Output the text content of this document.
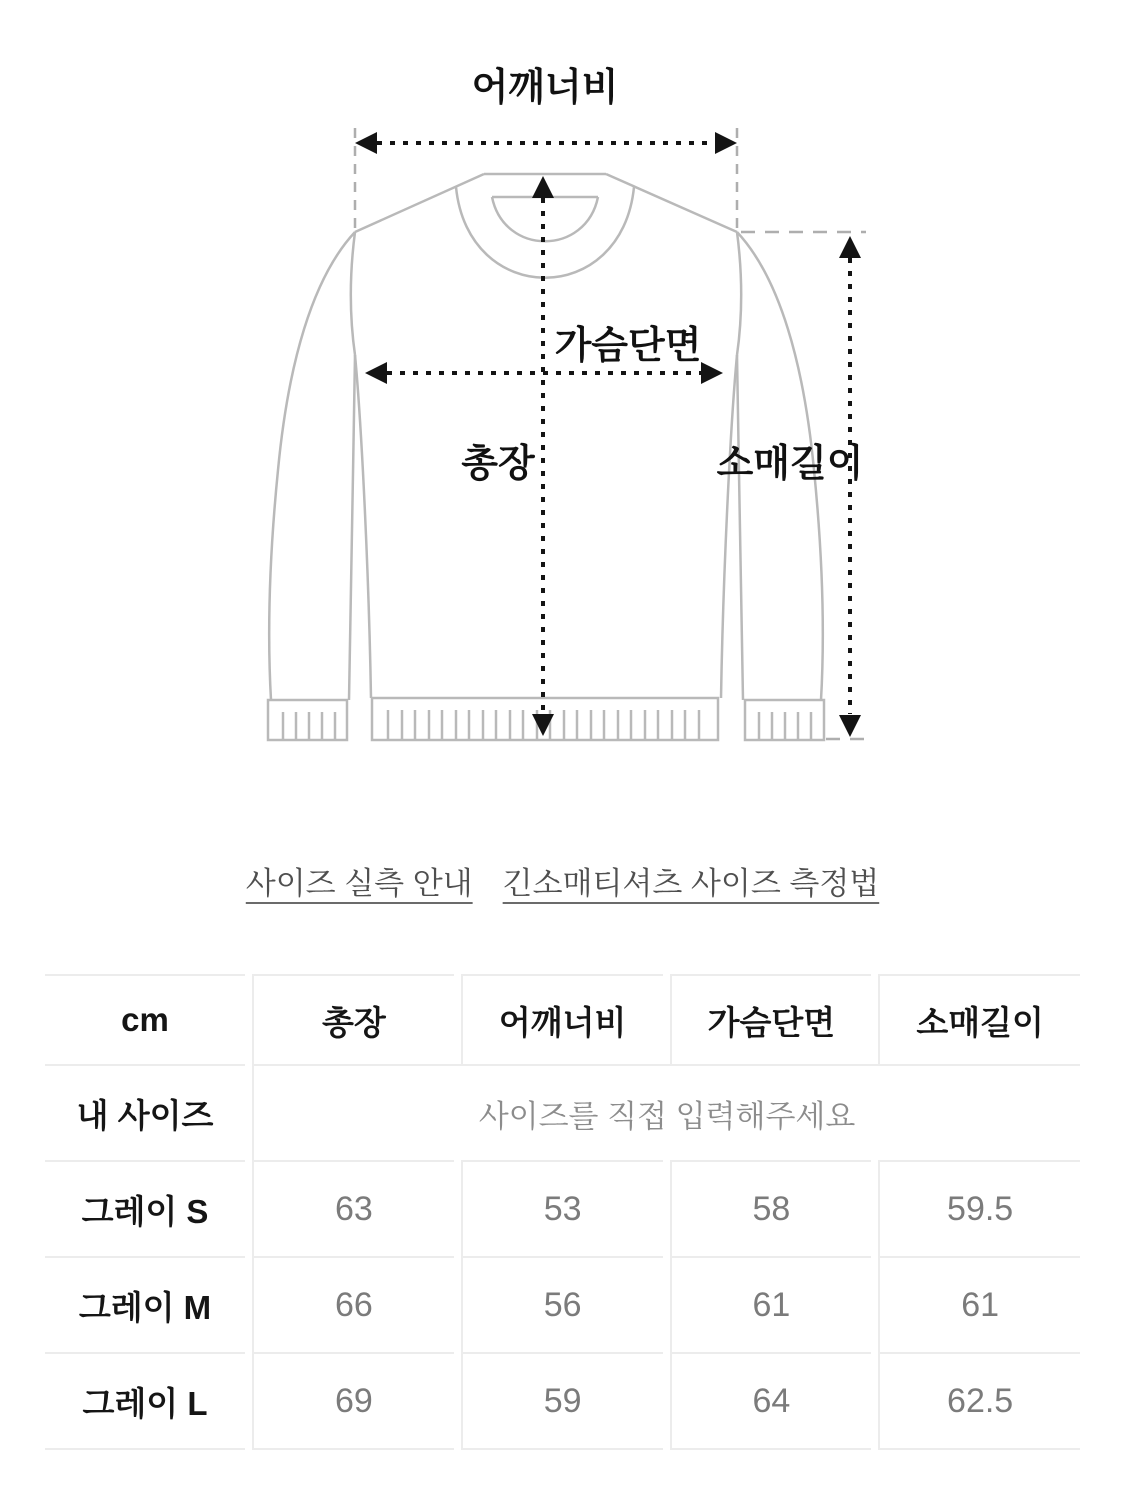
어깨너비
가슴단면
총장	소매길이
사이즈 실측 안내 긴소매티셔츠 사이즈 측정법
cm	총장	어깨너비	가슴단면	소매길이
내 사이즈	사이즈를 직접 입력해주세요
그레이 S	63	53	58	59.5
그레이 M	66	56	61	61
그레이 L	69	59	64	62.5
